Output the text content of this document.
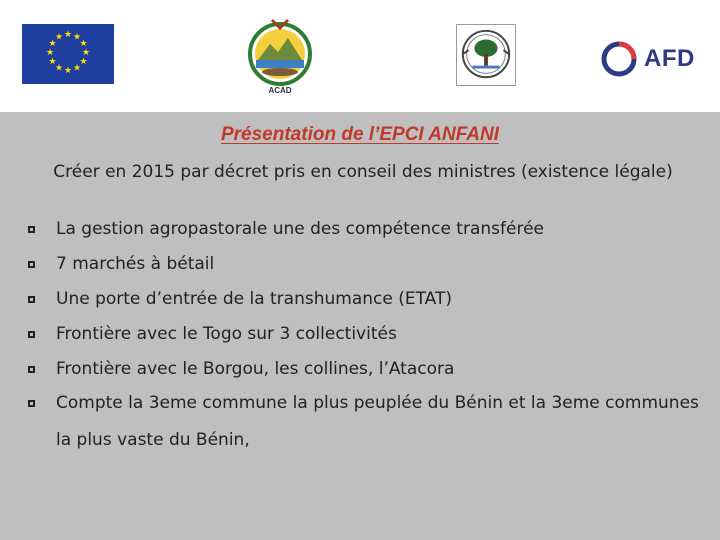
★ ★
★
★
★
★
★
★
★
★
★
★
ACAD
AFD
Présentation de l’EPCI ANFANI
Créer en 2015 par décret pris en conseil des ministres (existence légale)
La gestion agropastorale une des compétence transférée
7 marchés à bétail
Une porte d’entrée de la transhumance (ETAT)
Frontière avec le Togo sur 3 collectivités
Frontière avec le Borgou, les collines, l’Atacora
Compte la 3eme commune la plus peuplée du Bénin et la 3eme communes la plus vaste du Bénin,
